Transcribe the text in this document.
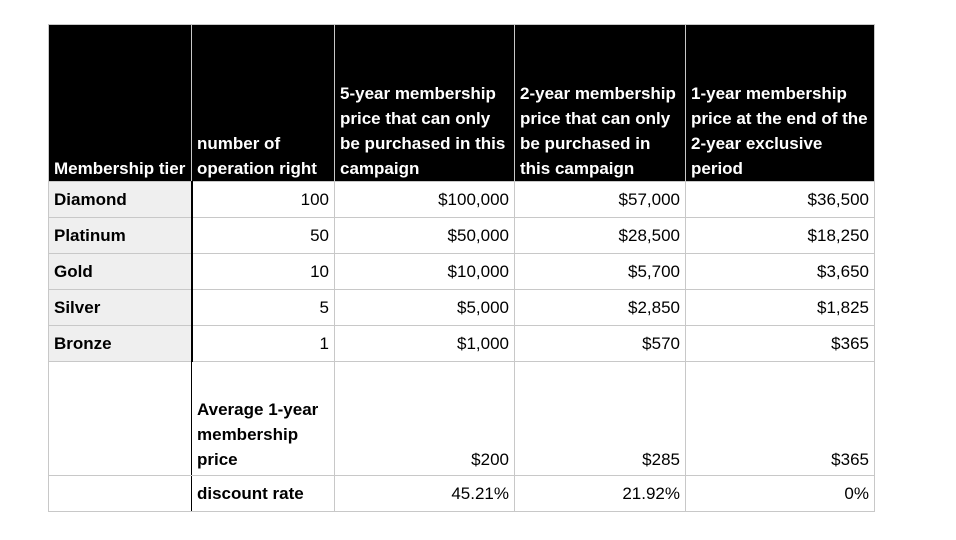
Membership tier	number of operation right	5-year membership price that can only be purchased in this campaign	2-year membership price that can only be purchased in this campaign	1-year membership price at the end of the 2-year exclusive period
Diamond	100	$100,000	$57,000	$36,500
Platinum	50	$50,000	$28,500	$18,250
Gold	10	$10,000	$5,700	$3,650
Silver	5	$5,000	$2,850	$1,825
Bronze	1	$1,000	$570	$365
	Average 1-year membership price	$200	$285	$365
	discount rate	45.21%	21.92%	0%
